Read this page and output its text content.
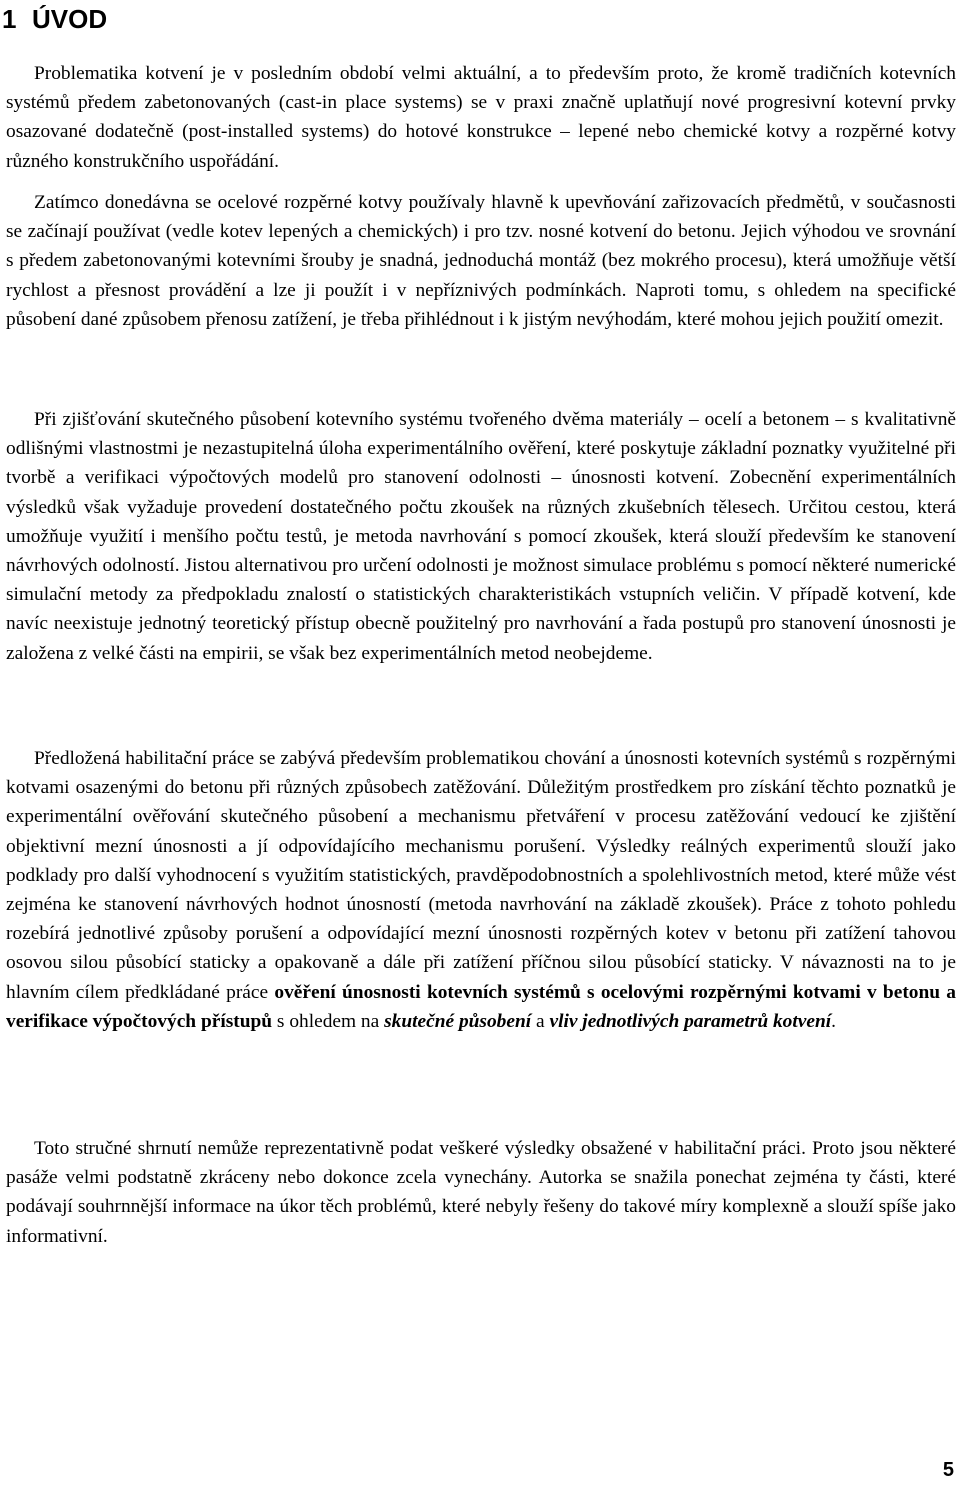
1 ÚVOD

Problematika kotvení je v posledním období velmi aktuální, a to především proto, že kromě tradičních kotevních systémů předem zabetonovaných (cast-in place systems) se v praxi značně uplatňují nové progresivní kotevní prvky osazované dodatečně (post-installed systems) do hotové konstrukce – lepené nebo chemické kotvy a rozpěrné kotvy různého konstrukčního uspořádání.

Zatímco donedávna se ocelové rozpěrné kotvy používaly hlavně k upevňování zařizovacích předmětů, v současnosti se začínají používat (vedle kotev lepených a chemických) i pro tzv. nosné kotvení do betonu. Jejich výhodou ve srovnání s předem zabetonovanými kotevními šrouby je snadná, jednoduchá montáž (bez mokrého procesu), která umožňuje větší rychlost a přesnost provádění a lze ji použít i v nepříznivých podmínkách. Naproti tomu, s ohledem na specifické působení dané způsobem přenosu zatížení, je třeba přihlédnout i k jistým nevýhodám, které mohou jejich použití omezit.

Při zjišťování skutečného působení kotevního systému tvořeného dvěma materiály – ocelí a betonem – s kvalitativně odlišnými vlastnostmi je nezastupitelná úloha experimentálního ověření, které poskytuje základní poznatky využitelné při tvorbě a verifikaci výpočtových modelů pro stanovení odolnosti – únosnosti kotvení. Zobecnění experimentálních výsledků však vyžaduje provedení dostatečného počtu zkoušek na různých zkušebních tělesech. Určitou cestou, která umožňuje využití i menšího počtu testů, je metoda navrhování s pomocí zkoušek, která slouží především ke stanovení návrhových odolností. Jistou alternativou pro určení odolnosti je možnost simulace problému s pomocí některé numerické simulační metody za předpokladu znalostí o statistických charakteristikách vstupních veličin. V případě kotvení, kde navíc neexistuje jednotný teoretický přístup obecně použitelný pro navrhování a řada postupů pro stanovení únosnosti je založena z velké části na empirii, se však bez experimentálních metod neobejdeme.

Předložená habilitační práce se zabývá především problematikou chování a únosnosti kotevních systémů s rozpěrnými kotvami osazenými do betonu při různých způsobech zatěžování. Důležitým prostředkem pro získání těchto poznatků je experimentální ověřování skutečného působení a mechanismu přetváření v procesu zatěžování vedoucí ke zjištění objektivní mezní únosnosti a jí odpovídajícího mechanismu porušení. Výsledky reálných experimentů slouží jako podklady pro další vyhodnocení s využitím statistických, pravděpodobnostních a spolehlivostních metod, které může vést zejména ke stanovení návrhových hodnot únosností (metoda navrhování na základě zkoušek). Práce z tohoto pohledu rozebírá jednotlivé způsoby porušení a odpovídající mezní únosnosti rozpěrných kotev v betonu při zatížení tahovou osovou silou působící staticky a opakovaně a dále při zatížení příčnou silou působící staticky. V návaznosti na to je hlavním cílem předkládané práce ověření únosnosti kotevních systémů s ocelovými rozpěrnými kotvami v betonu a verifikace výpočtových přístupů s ohledem na skutečné působení a vliv jednotlivých parametrů kotvení.

Toto stručné shrnutí nemůže reprezentativně podat veškeré výsledky obsažené v habilitační práci. Proto jsou některé pasáže velmi podstatně zkráceny nebo dokonce zcela vynechány. Autorka se snažila ponechat zejména ty části, které podávají souhrnnější informace na úkor těch problémů, které nebyly řešeny do takové míry komplexně a slouží spíše jako informativní.

5
